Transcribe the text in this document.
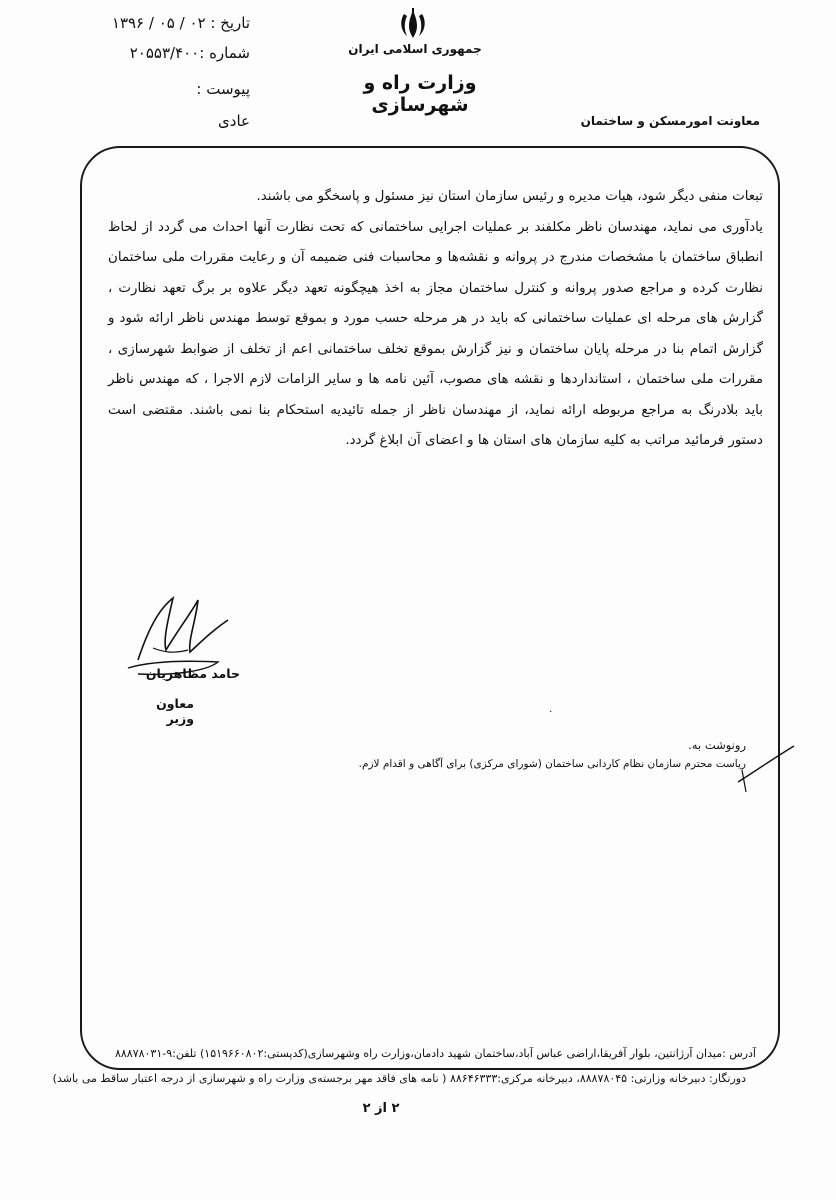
جمهوری اسلامی ایران
وزارت راه و شهرسازی
معاونت امورمسکن و ساختمان
تاریخ : ۰۲ / ۰۵ / ۱۳۹۶
شماره :۲۰۵۵۳/۴۰۰
پیوست :
عادی

تبعات منفی دیگر شود، هیات مدیره و رئیس سازمان استان نیز مسئول و پاسخگو می باشند.

یادآوری می نماید، مهندسان ناظر مکلفند بر عملیات اجرایی ساختمانی که تحت نظارت آنها احداث می گردد از لحاظ انطباق ساختمان با مشخصات مندرج در پروانه و نقشه‌ها و محاسبات فنی ضمیمه آن و رعایت مقررات ملی ساختمان نظارت کرده و مراجع صدور پروانه و کنترل ساختمان مجاز به اخذ هیچگونه تعهد دیگر علاوه بر برگ تعهد نظارت ، گزارش های مرحله ای عملیات ساختمانی که باید در هر مرحله حسب مورد و بموقع توسط مهندس ناظر ارائه شود و گزارش اتمام بنا در مرحله پایان ساختمان و نیز گزارش بموقع تخلف ساختمانی اعم از تخلف از ضوابط شهرسازی ، مقررات ملی ساختمان ، استانداردها و نقشه های مصوب، آئین نامه ها و سایر الزامات لازم الاجرا ، که مهندس ناظر باید بلادرنگ به مراجع مربوطه ارائه نماید، از مهندسان ناظر از جمله تائیدیه استحکام بنا نمی باشند. مقتضی است دستور فرمائید مراتب به کلیه سازمان های استان ها و اعضای آن ابلاغ گردد.

حامد مظاهریان
معاون وزیر	٠
رونوشت به.
ریاست محترم سازمان نظام کاردانی ساختمان (شورای مرکزی) برای آگاهی و اقدام لازم.
آدرس :میدان آرژانتین، بلوار آفریقا،اراضی عباس آباد،ساختمان شهید دادمان،وزارت راه وشهرسازی(کدپستی:۱۵۱۹۶۶۰۸۰۲) تلفن:۹-۸۸۸۷۸۰۳۱
دورنگار: دبیرخانه وزارتی: ۸۸۸۷۸۰۴۵، دبیرخانه مرکزی:۸۸۶۴۶۳۳۳ ( نامه های فاقد مهر برجسته‌ی وزارت راه و شهرسازی از درجه اعتبار ساقط می باشد)
۲ از ۲
